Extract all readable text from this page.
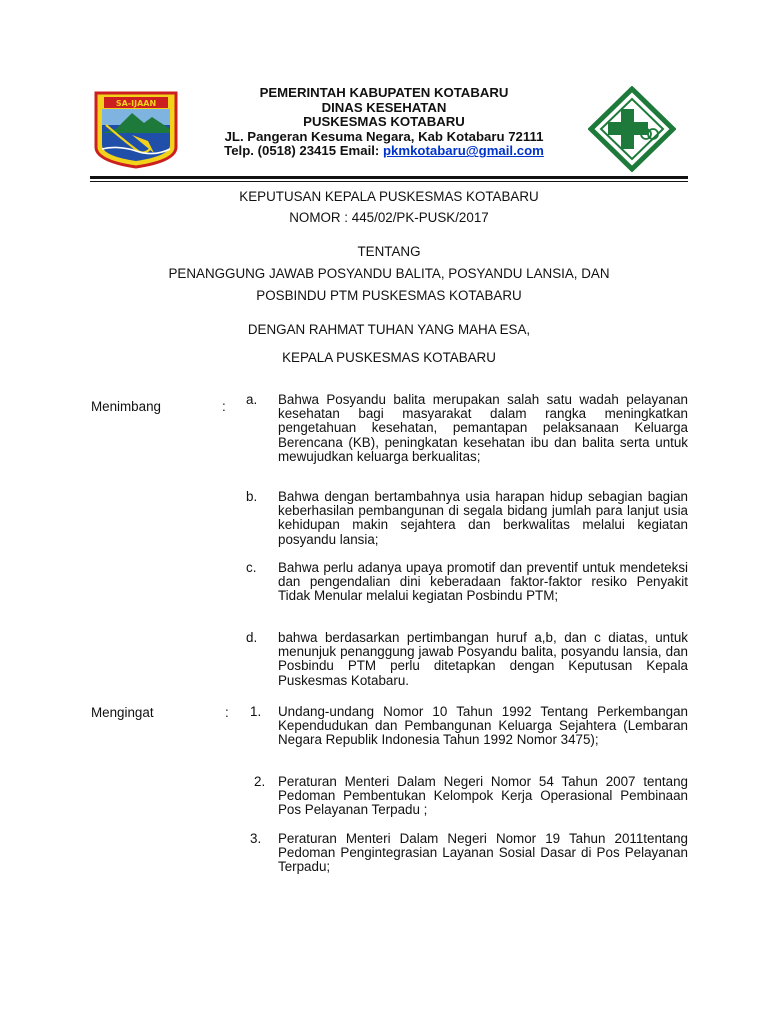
SA-IJAAN
PEMERINTAH KABUPATEN KOTABARU
DINAS KESEHATAN
PUSKESMAS KOTABARU
JL. Pangeran Kesuma Negara, Kab Kotabaru 72111
Telp. (0518) 23415 Email: pkmkotabaru@gmail.com
KEPUTUSAN KEPALA PUSKESMAS KOTABARU
NOMOR : 445/02/PK-PUSK/2017
TENTANG
PENANGGUNG JAWAB POSYANDU BALITA, POSYANDU LANSIA, DAN
POSBINDU PTM PUSKESMAS KOTABARU
DENGAN RAHMAT TUHAN YANG MAHA ESA,
KEPALA PUSKESMAS KOTABARU
Menimbang	: a. Bahwa Posyandu balita merupakan salah satu wadah pelayanan kesehatan bagi masyarakat dalam rangka meningkatkan pengetahuan kesehatan, pemantapan pelaksanaan Keluarga Berencana (KB), peningkatan kesehatan ibu dan balita serta untuk mewujudkan keluarga berkualitas;
b. Bahwa dengan bertambahnya usia harapan hidup sebagian bagian keberhasilan pembangunan di segala bidang jumlah para lanjut usia kehidupan makin sejahtera dan berkwalitas melalui kegiatan posyandu lansia;
c. Bahwa perlu adanya upaya promotif dan preventif untuk mendeteksi dan pengendalian dini keberadaan faktor-faktor resiko Penyakit Tidak Menular melalui kegiatan Posbindu PTM;
d. bahwa berdasarkan pertimbangan huruf a,b, dan c diatas, untuk menunjuk penanggung jawab Posyandu balita, posyandu lansia, dan Posbindu PTM perlu ditetapkan dengan Keputusan Kepala Puskesmas Kotabaru.
Mengingat	: 1. Undang-undang Nomor 10 Tahun 1992 Tentang Perkembangan Kependudukan dan Pembangunan Keluarga Sejahtera (Lembaran Negara Republik Indonesia Tahun 1992 Nomor 3475);
2. Peraturan Menteri Dalam Negeri Nomor 54 Tahun 2007 tentang Pedoman Pembentukan Kelompok Kerja Operasional Pembinaan Pos Pelayanan Terpadu ;
3. Peraturan Menteri Dalam Negeri Nomor 19 Tahun 2011tentang Pedoman Pengintegrasian Layanan Sosial Dasar di Pos Pelayanan Terpadu;
